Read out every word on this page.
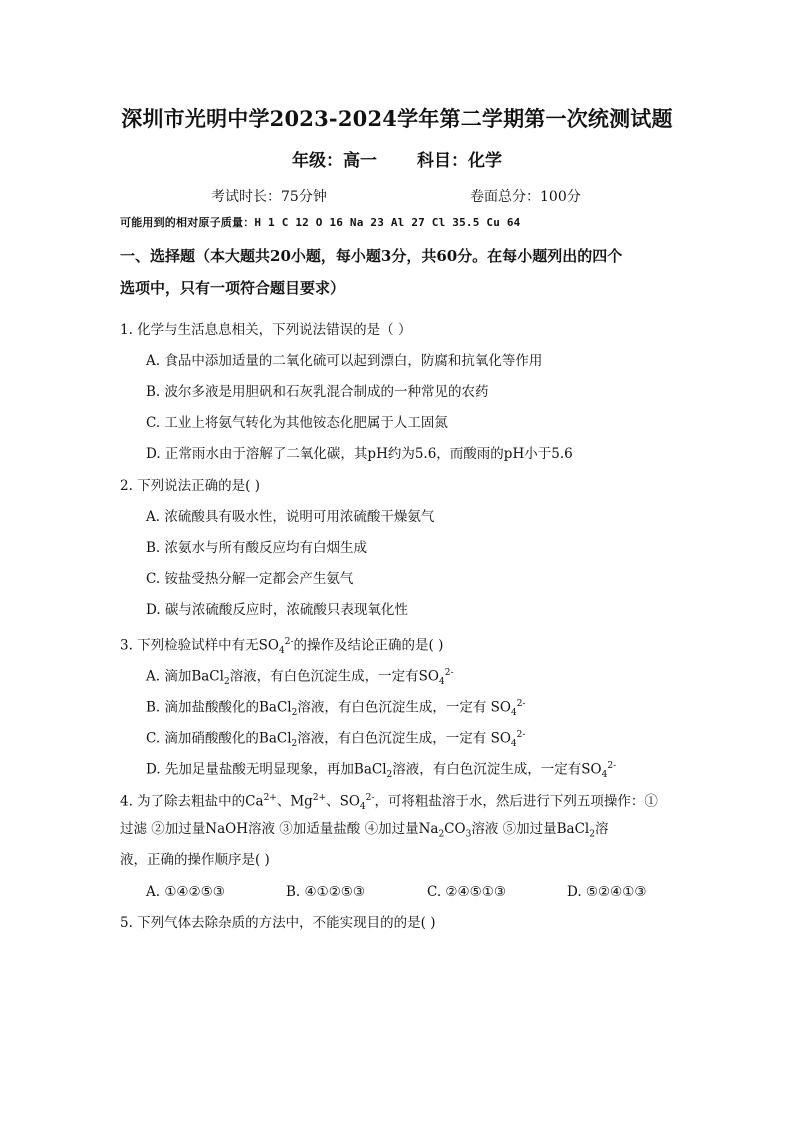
深圳市光明中学2023-2024学年第二学期第一次统测试题
年级：高一 科目：化学
考试时长：75分钟	卷面总分：100分
可能用到的相对原子质量：H 1 C 12 O 16 Na 23 Al 27 Cl 35.5 Cu 64
一、选择题（本大题共20小题，每小题3分，共60分。在每小题列出的四个
选项中，只有一项符合题目要求）
1. 化学与生活息息相关，下列说法错误的是（ ）
A. 食品中添加适量的二氧化硫可以起到漂白，防腐和抗氧化等作用
B. 波尔多液是用胆矾和石灰乳混合制成的一种常见的农药
C. 工业上将氨气转化为其他铵态化肥属于人工固氮
D. 正常雨水由于溶解了二氧化碳，其pH约为5.6，而酸雨的pH小于5.6
2. 下列说法正确的是( )
A. 浓硫酸具有吸水性，说明可用浓硫酸干燥氨气
B. 浓氨水与所有酸反应均有白烟生成
C. 铵盐受热分解一定都会产生氨气
D. 碳与浓硫酸反应时，浓硫酸只表现氧化性
3. 下列检验试样中有无$SO_4^{2-}$的操作及结论正确的是( )
A. 滴加BaCl$_2$溶液，有白色沉淀生成，一定有$SO_4^{2-}$
B. 滴加盐酸酸化的BaCl$_2$溶液，有白色沉淀生成，一定有 $SO_4^{2-}$
C. 滴加硝酸酸化的BaCl$_2$溶液，有白色沉淀生成，一定有 $SO_4^{2-}$
D. 先加足量盐酸无明显现象，再加BaCl$_2$溶液，有白色沉淀生成，一定有$SO_4^{2-}$
4. 为了除去粗盐中的$Ca^{2+}$、$Mg^{2+}$、$SO_4^{2-}$，可将粗盐溶于水，然后进行下列五项操作：①
过滤 ②加过量NaOH溶液 ③加适量盐酸 ④加过量$Na_2CO_3$溶液 ⑤加过量BaCl$_2$溶
液，正确的操作顺序是( )
A. ①④②⑤③	B. ④①②⑤③	C. ②④⑤①③	D. ⑤②④①③
5. 下列气体去除杂质的方法中，不能实现目的的是( )
